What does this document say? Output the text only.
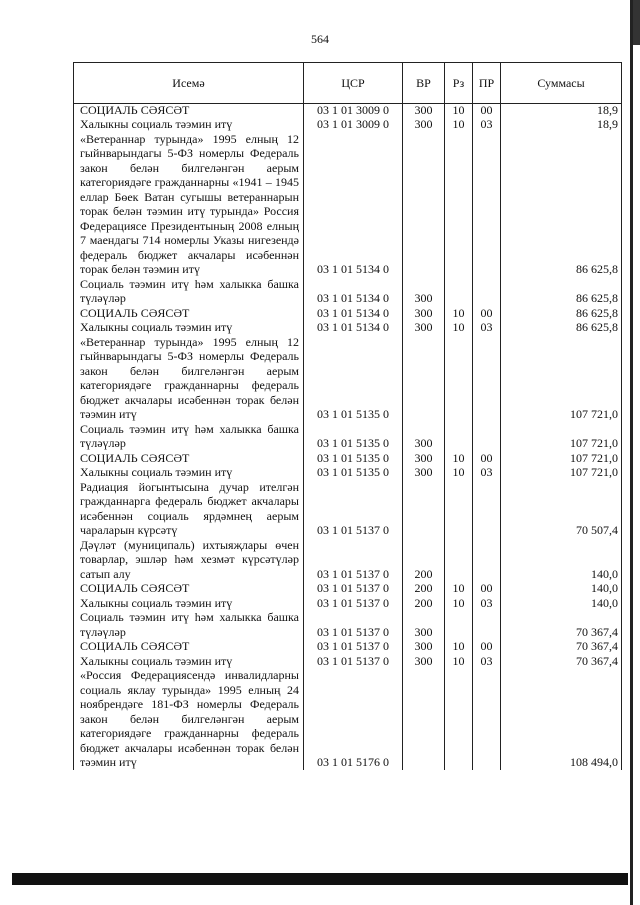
564
Исемә	ЦСР	ВР	Рз	ПР	Суммасы
СОЦИАЛЬ СӘЯСӘТ	03 1 01 3009 0	300	10	00	18,9
Халыкны социаль тәэмин итү	03 1 01 3009 0	300	10	03	18,9
«Ветераннар турында» 1995 елның 12 гыйнварындагы 5-ФЗ номерлы Федераль закон белән билгеләнгән аерым категориядәге гражданнарны «1941 – 1945 еллар Бөек Ватан сугышы ветераннарын торак белән тәэмин итү турында» Россия Федерациясе Президентының 2008 елның 7 маендагы 714 номерлы Указы нигезендә федераль бюджет акчалары исәбеннән торак белән тәэмин итү	03 1 01 5134 0				86 625,8
Социаль тәэмин итү һәм халыкка башка түләүләр	03 1 01 5134 0	300			86 625,8
СОЦИАЛЬ СӘЯСӘТ	03 1 01 5134 0	300	10	00	86 625,8
Халыкны социаль тәэмин итү	03 1 01 5134 0	300	10	03	86 625,8
«Ветераннар турында» 1995 елның 12 гыйнварындагы 5-ФЗ номерлы Федераль закон белән билгеләнгән аерым категориядәге гражданнарны федераль бюджет акчалары исәбеннән торак белән тәэмин итү	03 1 01 5135 0				107 721,0
Социаль тәэмин итү һәм халыкка башка түләүләр	03 1 01 5135 0	300			107 721,0
СОЦИАЛЬ СӘЯСӘТ	03 1 01 5135 0	300	10	00	107 721,0
Халыкны социаль тәэмин итү	03 1 01 5135 0	300	10	03	107 721,0
Радиация йогынтысына дучар ителгән гражданнарга федераль бюджет акчалары исәбеннән социаль ярдәмнең аерым чараларын күрсәтү	03 1 01 5137 0				70 507,4
Дәүләт (муниципаль) ихтыяҗлары өчен товарлар, эшләр һәм хезмәт күрсәтүләр сатып алу	03 1 01 5137 0	200			140,0
СОЦИАЛЬ СӘЯСӘТ	03 1 01 5137 0	200	10	00	140,0
Халыкны социаль тәэмин итү	03 1 01 5137 0	200	10	03	140,0
Социаль тәэмин итү һәм халыкка башка түләүләр	03 1 01 5137 0	300			70 367,4
СОЦИАЛЬ СӘЯСӘТ	03 1 01 5137 0	300	10	00	70 367,4
Халыкны социаль тәэмин итү	03 1 01 5137 0	300	10	03	70 367,4
«Россия Федерациясендә инвалидларны социаль яклау турында» 1995 елның 24 ноябрендәге 181-ФЗ номерлы Федераль закон белән билгеләнгән аерым категориядәге гражданнарны федераль бюджет акчалары исәбеннән торак белән тәэмин итү	03 1 01 5176 0				108 494,0
